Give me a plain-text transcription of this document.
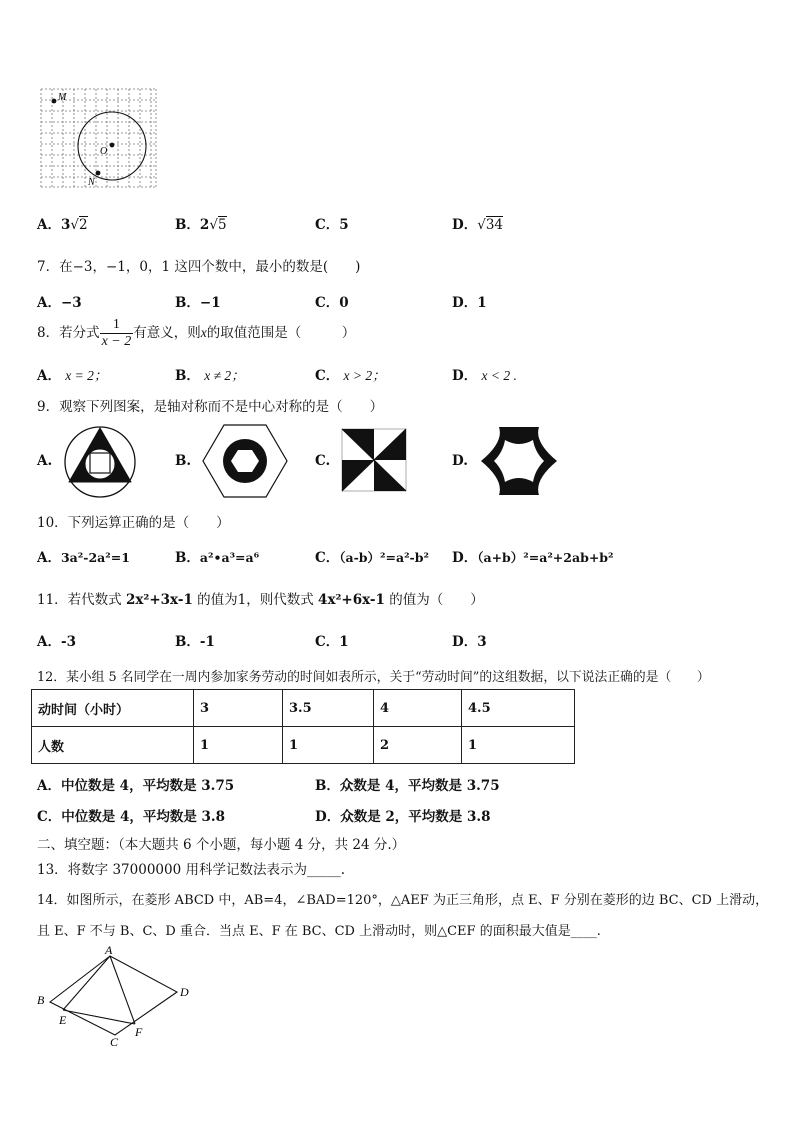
M
O
N
A．3√2	B．2√5	C．5	D．√34
7．在−3，−1，0，1 这四个数中，最小的数是(　　)
A．−3	B．−1	C．0	D．1
8．若分式 $\frac{1}{x - 2}$ 有意义，则x的取值范围是（　　　）
A． x = 2；	B． x ≠ 2；	C． x > 2；	D． x < 2 .
9．观察下列图案，是轴对称而不是中心对称的是（　　）
A.	B.	C.	D.
10．下列运算正确的是（　　）
A．3a²-2a²=1	B．a²•a³=a⁶	C．（a-b）²=a²-b² D．（a+b）²=a²+2ab+b²
11．若代数式 2x²+3x-1 的值为1，则代数式 4x²+6x-1 的值为（　　）
A．-3	B．-1	C．1	D．3
12．某小组 5 名同学在一周内参加家务劳动的时间如表所示，关于“劳动时间”的这组数据，以下说法正确的是（　　）
动时间（小时）	3	3.5	4	4.5
人数	1	1	2	1
A．中位数是 4，平均数是 3.75	B．众数是 4，平均数是 3.75
C．中位数是 4，平均数是 3.8	D．众数是 2，平均数是 3.8
二、填空题：（本大题共 6 个小题，每小题 4 分，共 24 分.）
13．将数字 37000000 用科学记数法表示为_____.
14．如图所示，在菱形 ABCD 中，AB=4，∠BAD=120°，△AEF 为正三角形，点 E、F 分别在菱形的边 BC、CD 上滑动，
且 E、F 不与 B、C、D 重合．当点 E、F 在 BC、CD 上滑动时，则△CEF 的面积最大值是____.
A
B
C
D
E
F
